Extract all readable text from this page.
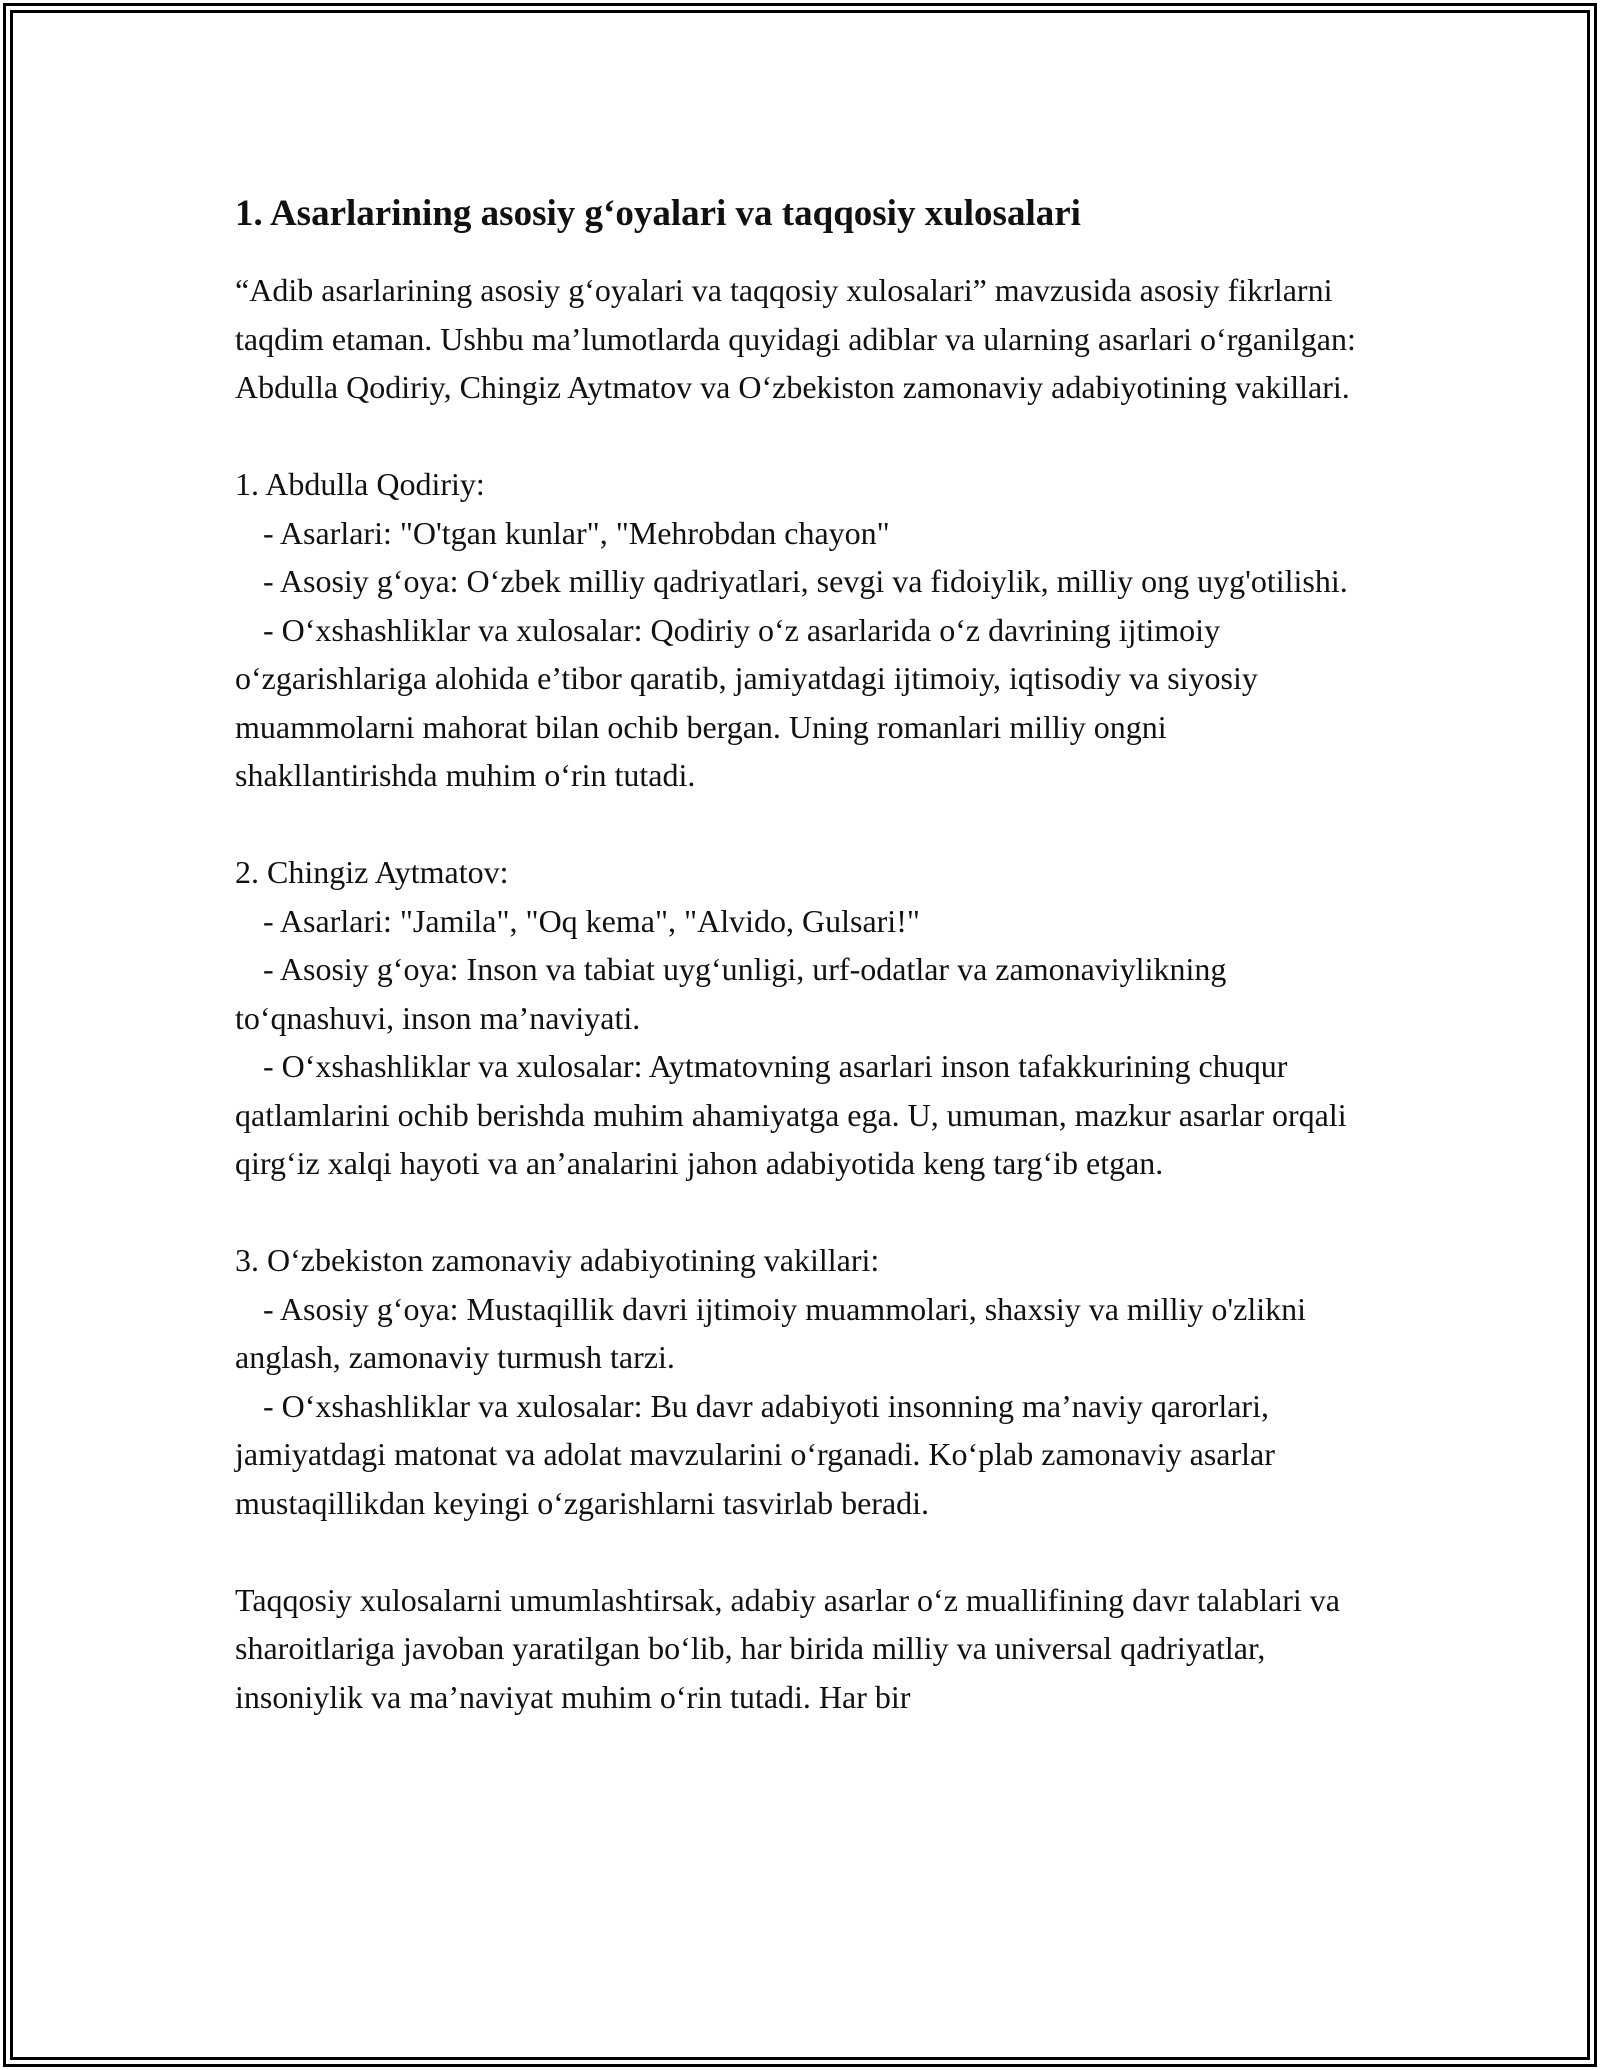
1. Asarlarining asosiy g‘oyalari va taqqosiy xulosalari

“Adib asarlarining asosiy g‘oyalari va taqqosiy xulosalari” mavzusida asosiy fikrlarni taqdim etaman. Ushbu ma’lumotlarda quyidagi adiblar va ularning asarlari o‘rganilgan: Abdulla Qodiriy, Chingiz Aytmatov va O‘zbekiston zamonaviy adabiyotining vakillari.

1. Abdulla Qodiriy:

- Asarlari: "O'tgan kunlar", "Mehrobdan chayon"

- Asosiy g‘oya: O‘zbek milliy qadriyatlari, sevgi va fidoiylik, milliy ong uyg'otilishi.

- O‘xshashliklar va xulosalar: Qodiriy o‘z asarlarida o‘z davrining ijtimoiy o‘zgarishlariga alohida e’tibor qaratib, jamiyatdagi ijtimoiy, iqtisodiy va siyosiy muammolarni mahorat bilan ochib bergan. Uning romanlari milliy ongni shakllantirishda muhim o‘rin tutadi.

2. Chingiz Aytmatov:

- Asarlari: "Jamila", "Oq kema", "Alvido, Gulsari!"

- Asosiy g‘oya: Inson va tabiat uyg‘unligi, urf-odatlar va zamonaviylikning to‘qnashuvi, inson ma’naviyati.

- O‘xshashliklar va xulosalar: Aytmatovning asarlari inson tafakkurining chuqur qatlamlarini ochib berishda muhim ahamiyatga ega. U, umuman, mazkur asarlar orqali qirg‘iz xalqi hayoti va an’analarini jahon adabiyotida keng targ‘ib etgan.

3. O‘zbekiston zamonaviy adabiyotining vakillari:

- Asosiy g‘oya: Mustaqillik davri ijtimoiy muammolari, shaxsiy va milliy o'zlikni anglash, zamonaviy turmush tarzi.

- O‘xshashliklar va xulosalar: Bu davr adabiyoti insonning ma’naviy qarorlari, jamiyatdagi matonat va adolat mavzularini o‘rganadi. Ko‘plab zamonaviy asarlar mustaqillikdan keyingi o‘zgarishlarni tasvirlab beradi.

Taqqosiy xulosalarni umumlashtirsak, adabiy asarlar o‘z muallifining davr talablari va sharoitlariga javoban yaratilgan bo‘lib, har birida milliy va universal qadriyatlar, insoniylik va ma’naviyat muhim o‘rin tutadi. Har bir
